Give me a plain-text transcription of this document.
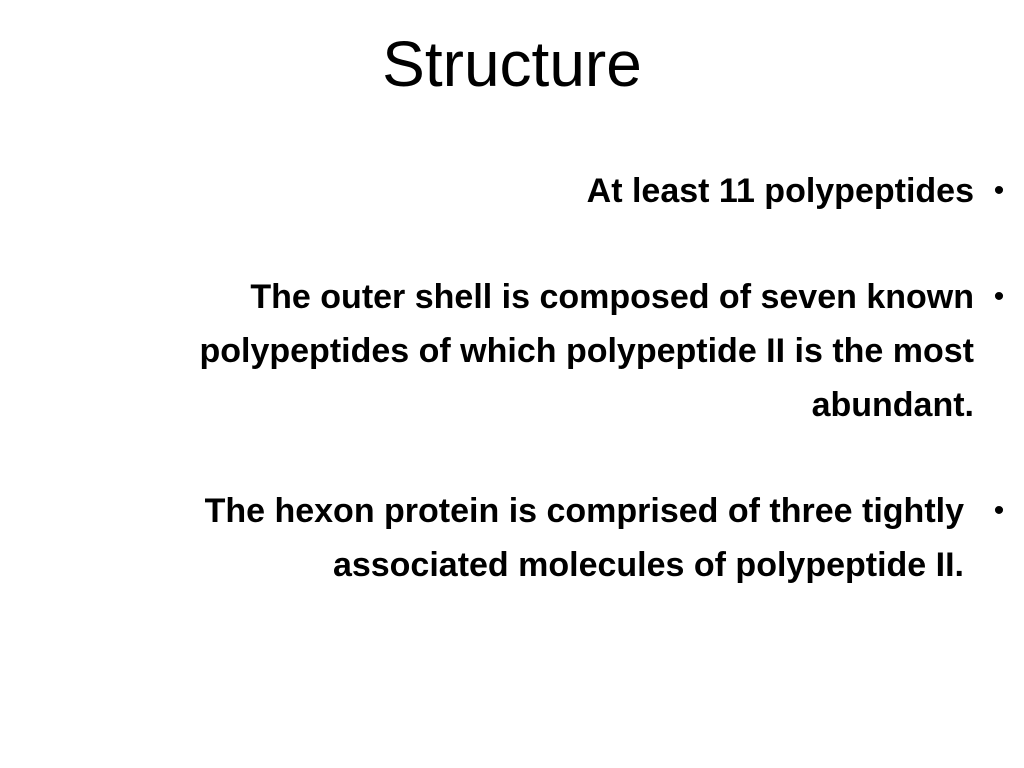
Structure
At least 11 polypeptides •
The outer shell is composed of seven known polypeptides of which polypeptide II is the most abundant.
•
The hexon protein is comprised of three tightly associated molecules of polypeptide II.
•
